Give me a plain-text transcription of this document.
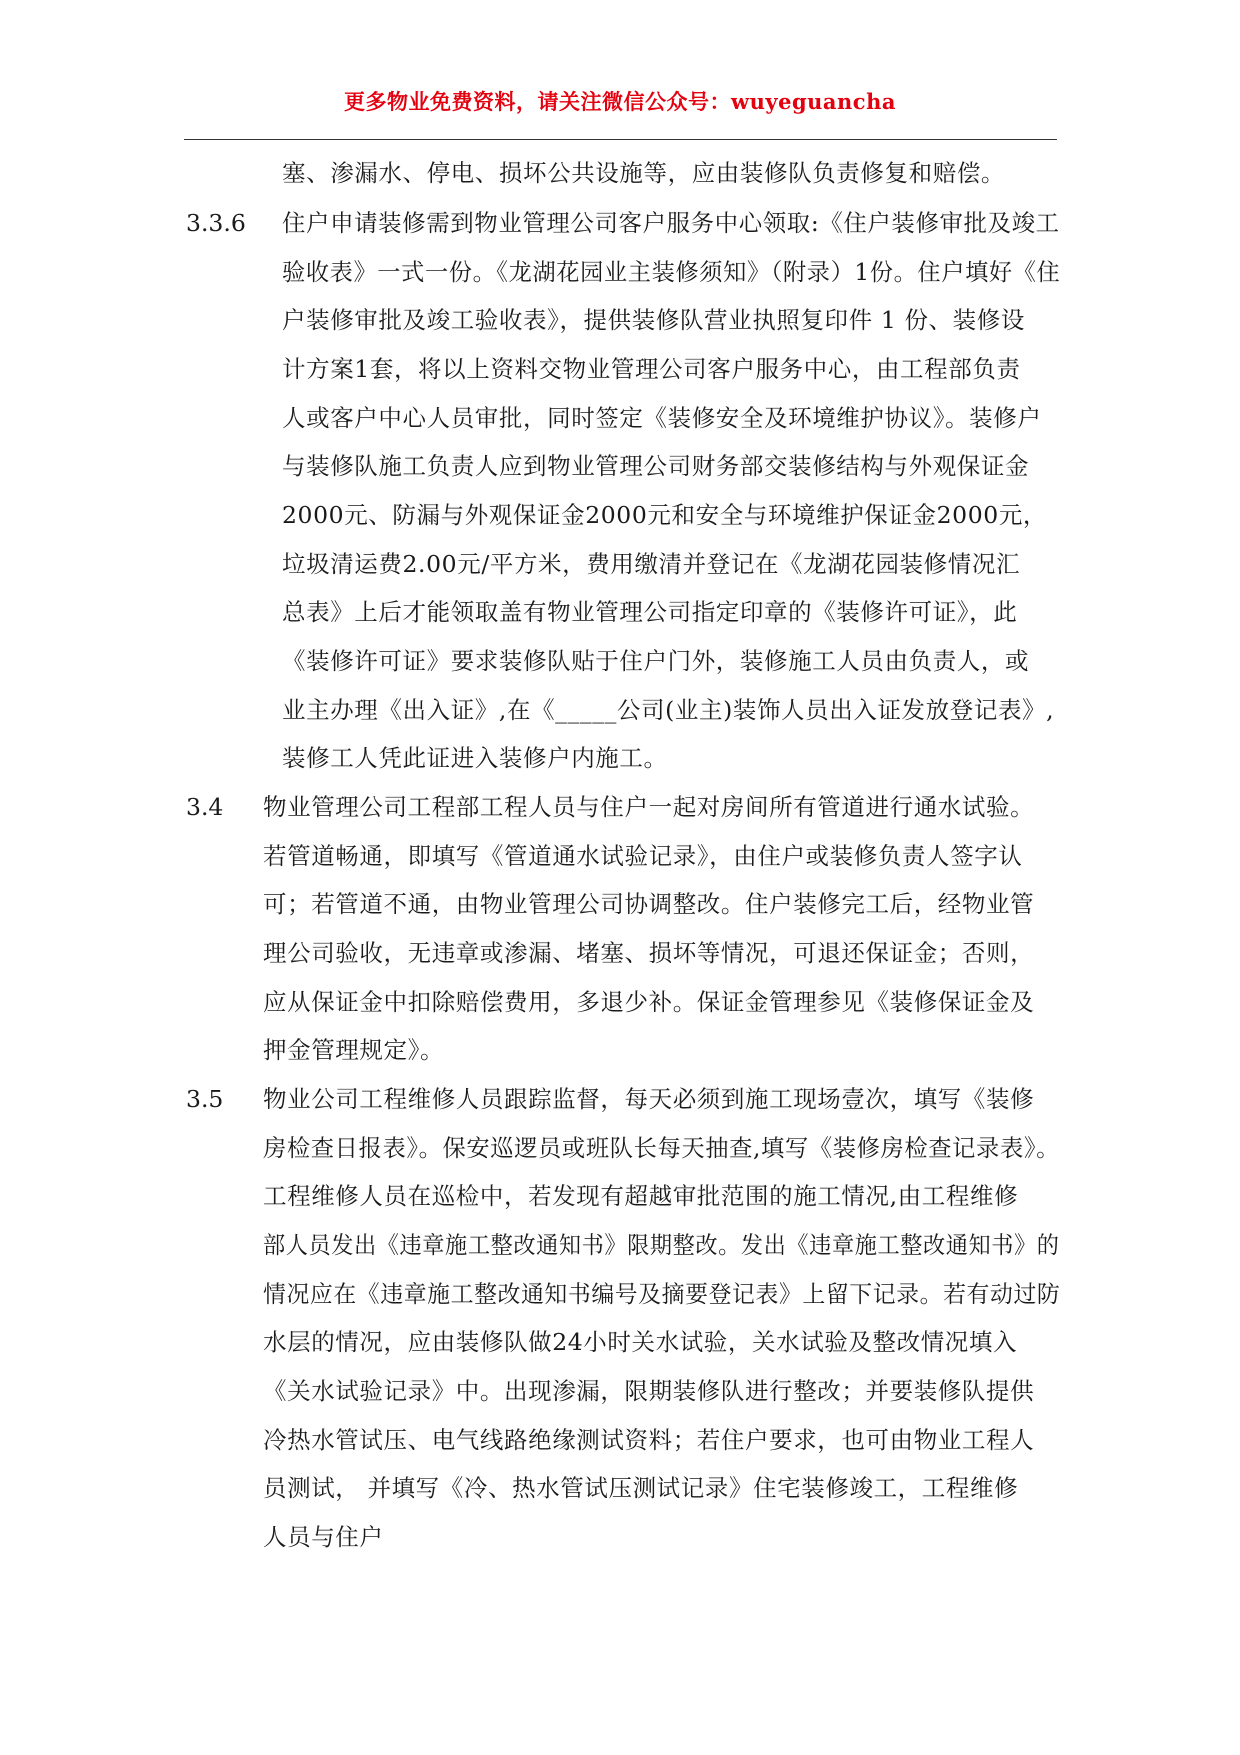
更多物业免费资料，请关注微信公众号：wuyeguancha
塞、渗漏水、停电、损坏公共设施等，应由装修队负责修复和赔偿。
3.3.6 住户申请装修需到物业管理公司客户服务中心领取:《住户装修审批及竣工
验收表》一式一份。《龙湖花园业主装修须知》（附录）1份。住户填好《住
户装修审批及竣工验收表》，提供装修队营业执照复印件 1 份、装修设
计方案1套，将以上资料交物业管理公司客户服务中心，由工程部负责
人或客户中心人员审批，同时签定《装修安全及环境维护协议》。装修户
与装修队施工负责人应到物业管理公司财务部交装修结构与外观保证金
2000元、防漏与外观保证金2000元和安全与环境维护保证金2000元，
垃圾清运费2.00元/平方米，费用缴清并登记在《龙湖花园装修情况汇
总表》上后才能领取盖有物业管理公司指定印章的《装修许可证》，此
《装修许可证》要求装修队贴于住户门外，装修施工人员由负责人，或
业主办理《出入证》,在《_____公司(业主)装饰人员出入证发放登记表》,
装修工人凭此证进入装修户内施工。
3.4 物业管理公司工程部工程人员与住户一起对房间所有管道进行通水试验。
若管道畅通，即填写《管道通水试验记录》，由住户或装修负责人签字认
可；若管道不通，由物业管理公司协调整改。住户装修完工后，经物业管
理公司验收，无违章或渗漏、堵塞、损坏等情况，可退还保证金；否则，
应从保证金中扣除赔偿费用，多退少补。保证金管理参见《装修保证金及
押金管理规定》。
3.5 物业公司工程维修人员跟踪监督，每天必须到施工现场壹次，填写《装修
房检查日报表》。保安巡逻员或班队长每天抽查,填写《装修房检查记录表》。
工程维修人员在巡检中，若发现有超越审批范围的施工情况,由工程维修
部人员发出《违章施工整改通知书》限期整改。发出《违章施工整改通知书》的
情况应在《违章施工整改通知书编号及摘要登记表》上留下记录。若有动过防
水层的情况，应由装修队做24小时关水试验，关水试验及整改情况填入
《关水试验记录》中。出现渗漏，限期装修队进行整改；并要装修队提供
冷热水管试压、电气线路绝缘测试资料；若住户要求，也可由物业工程人
员测试， 并填写《冷、热水管试压测试记录》住宅装修竣工，工程维修
人员与住户
